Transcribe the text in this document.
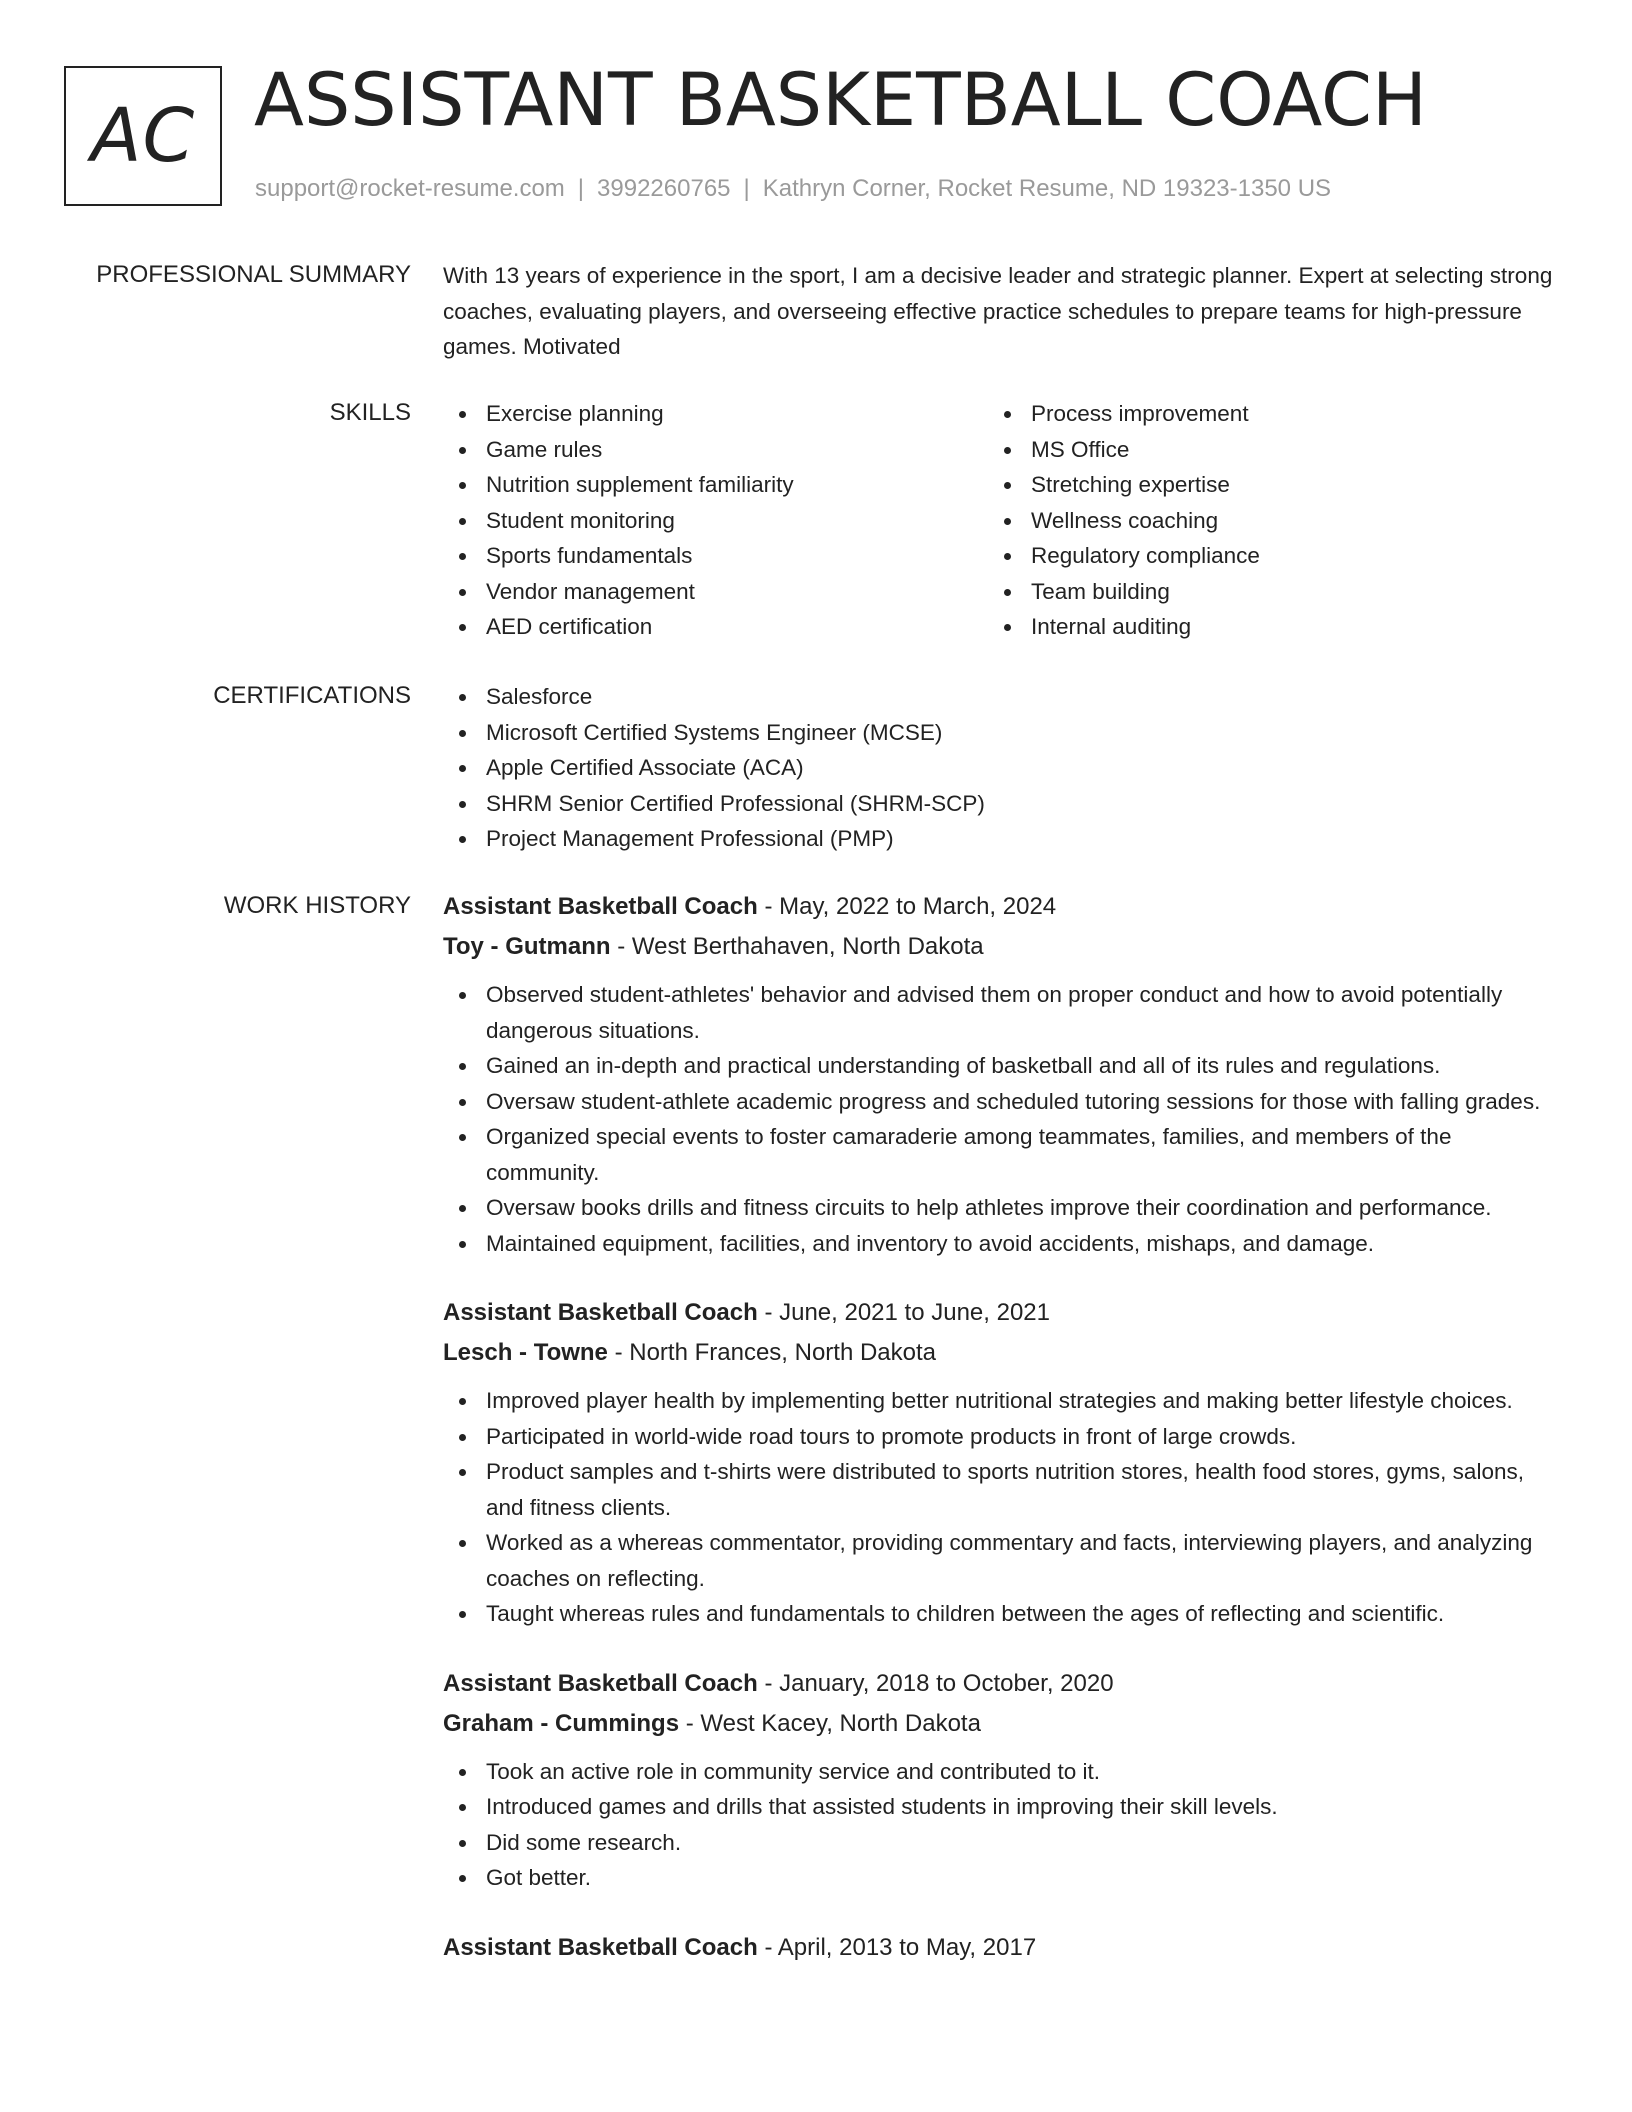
AC ASSISTANT BASKETBALL COACH
support@rocket-resume.com | 3992260765 | Kathryn Corner, Rocket Resume, ND 19323-1350 US
PROFESSIONAL SUMMARY With 13 years of experience in the sport, I am a decisive leader and strategic planner. Expert at selecting strong coaches, evaluating players, and overseeing effective practice schedules to prepare teams for high-pressure games. Motivated

SKILLS	Exercise planning
Game rules
Nutrition supplement familiarity
Student monitoring
Sports fundamentals
Vendor management
AED certification
Process improvement
MS Office
Stretching expertise
Wellness coaching
Regulatory compliance
Team building
Internal auditing
CERTIFICATIONS	Salesforce
Microsoft Certified Systems Engineer (MCSE)
Apple Certified Associate (ACA)
SHRM Senior Certified Professional (SHRM-SCP)
Project Management Professional (PMP)
WORK HISTORY Assistant Basketball Coach - May, 2022 to March, 2024
Toy - Gutmann - West Berthahaven, North Dakota
Observed student-athletes' behavior and advised them on proper conduct and how to avoid potentially dangerous situations.
Gained an in-depth and practical understanding of basketball and all of its rules and regulations.
Oversaw student-athlete academic progress and scheduled tutoring sessions for those with falling grades.
Organized special events to foster camaraderie among teammates, families, and members of the community.
Oversaw books drills and fitness circuits to help athletes improve their coordination and performance.
Maintained equipment, facilities, and inventory to avoid accidents, mishaps, and damage.
Assistant Basketball Coach - June, 2021 to June, 2021
Lesch - Towne - North Frances, North Dakota
Improved player health by implementing better nutritional strategies and making better lifestyle choices.
Participated in world-wide road tours to promote products in front of large crowds.
Product samples and t-shirts were distributed to sports nutrition stores, health food stores, gyms, salons, and fitness clients.
Worked as a whereas commentator, providing commentary and facts, interviewing players, and analyzing coaches on reflecting.
Taught whereas rules and fundamentals to children between the ages of reflecting and scientific.
Assistant Basketball Coach - January, 2018 to October, 2020
Graham - Cummings - West Kacey, North Dakota
Took an active role in community service and contributed to it.
Introduced games and drills that assisted students in improving their skill levels.
Did some research.
Got better.
Assistant Basketball Coach - April, 2013 to May, 2017
